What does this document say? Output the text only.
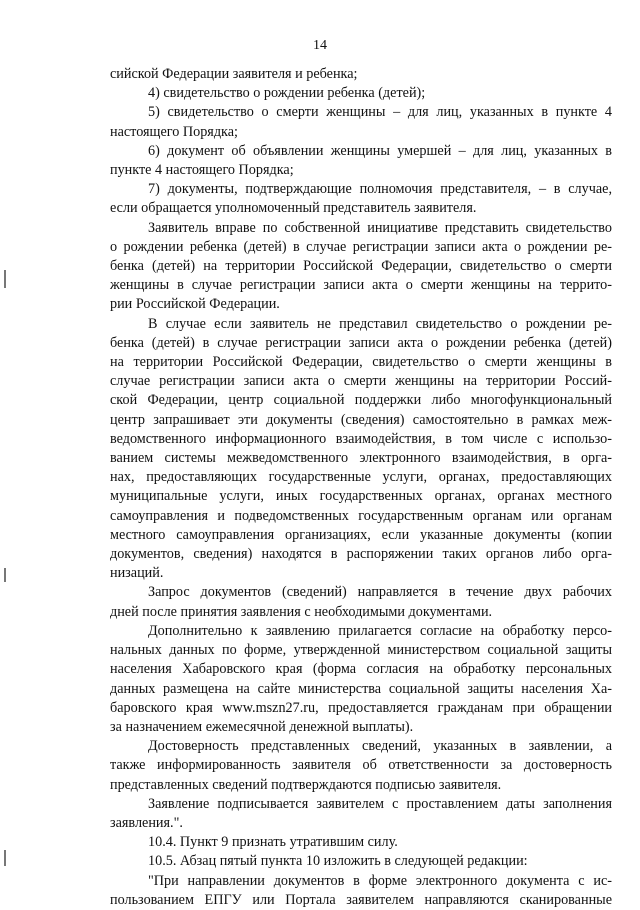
14
сийской Федерации заявителя и ребенка;
4) свидетельство о рождении ребенка (детей);
5) свидетельство о смерти женщины – для лиц, указанных в пункте 4
настоящего Порядка;
6) документ об объявлении женщины умершей – для лиц, указанных в
пункте 4 настоящего Порядка;
7) документы, подтверждающие полномочия представителя, – в случае,
если обращается уполномоченный представитель заявителя.
Заявитель вправе по собственной инициативе представить свидетельство
о рождении ребенка (детей) в случае регистрации записи акта о рождении ре-
бенка (детей) на территории Российской Федерации, свидетельство о смерти
женщины в случае регистрации записи акта о смерти женщины на террито-
рии Российской Федерации.
В случае если заявитель не представил свидетельство о рождении ре-
бенка (детей) в случае регистрации записи акта о рождении ребенка (детей)
на территории Российской Федерации, свидетельство о смерти женщины в
случае регистрации записи акта о смерти женщины на территории Россий-
ской Федерации, центр социальной поддержки либо многофункциональный
центр запрашивает эти документы (сведения) самостоятельно в рамках меж-
ведомственного информационного взаимодействия, в том числе с использо-
ванием системы межведомственного электронного взаимодействия, в орга-
нах, предоставляющих государственные услуги, органах, предоставляющих
муниципальные услуги, иных государственных органах, органах местного
самоуправления и подведомственных государственным органам или органам
местного самоуправления организациях, если указанные документы (копии
документов, сведения) находятся в распоряжении таких органов либо орга-
низаций.
Запрос документов (сведений) направляется в течение двух рабочих
дней после принятия заявления с необходимыми документами.
Дополнительно к заявлению прилагается согласие на обработку персо-
нальных данных по форме, утвержденной министерством социальной защиты
населения Хабаровского края (форма согласия на обработку персональных
данных размещена на сайте министерства социальной защиты населения Ха-
баровского края www.mszn27.ru, предоставляется гражданам при обращении
за назначением ежемесячной денежной выплаты).
Достоверность представленных сведений, указанных в заявлении, а
также информированность заявителя об ответственности за достоверность
представленных сведений подтверждаются подписью заявителя.
Заявление подписывается заявителем с проставлением даты заполнения
заявления.".
10.4. Пункт 9 признать утратившим силу.
10.5. Абзац пятый пункта 10 изложить в следующей редакции:
"При направлении документов в форме электронного документа с ис-
пользованием ЕПГУ или Портала заявителем направляются сканированные
